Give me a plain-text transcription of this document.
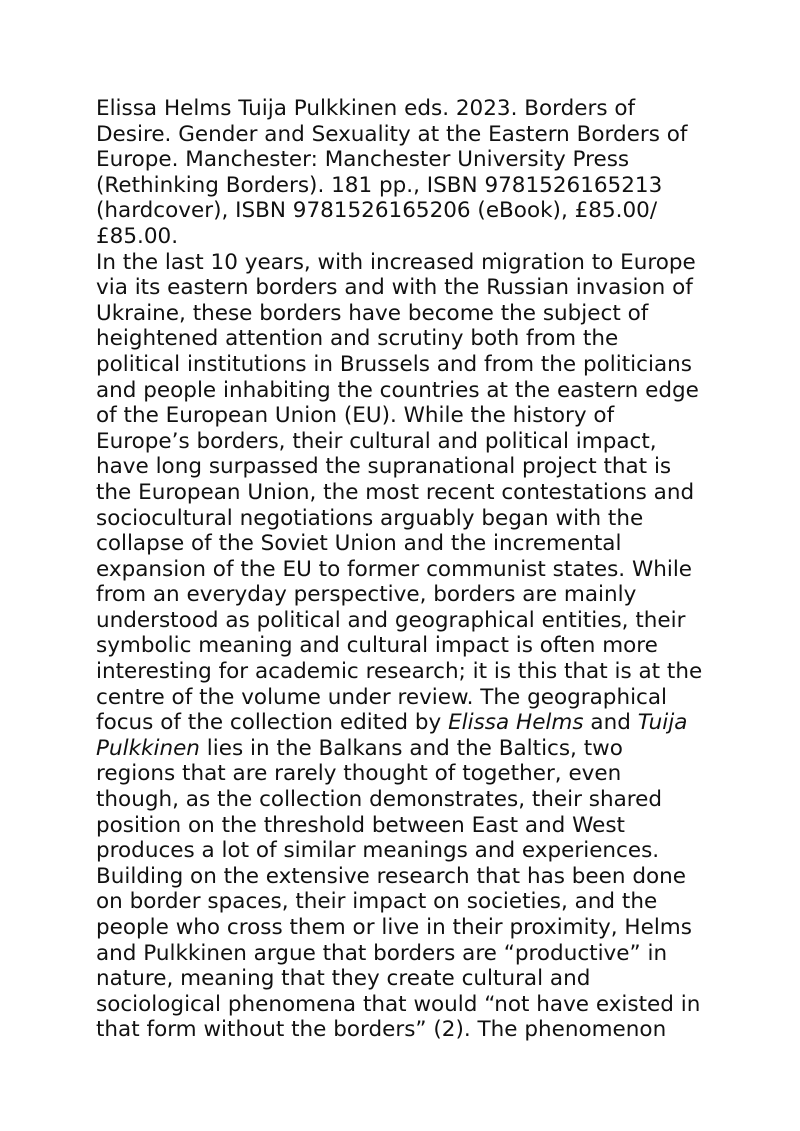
Elissa Helms Tuija Pulkkinen eds. 2023. Borders of Desire. Gender and Sexuality at the Eastern Borders of Europe. Manchester: Manchester University Press (Rethinking Borders). 181 pp., ISBN 9781526165213 (hardcover), ISBN 9781526165206 (eBook), £85.00/£85.00.

In the last 10 years, with increased migration to Europe via its eastern borders and with the Russian invasion of Ukraine, these borders have become the subject of heightened attention and scrutiny both from the political institutions in Brussels and from the politicians and people inhabiting the countries at the eastern edge of the European Union (EU). While the history of Europe’s borders, their cultural and political impact, have long surpassed the supranational project that is the European Union, the most recent contestations and sociocultural negotiations arguably began with the collapse of the Soviet Union and the incremental expansion of the EU to former communist states. While from an everyday perspective, borders are mainly understood as political and geographical entities, their symbolic meaning and cultural impact is often more interesting for academic research; it is this that is at the centre of the volume under review. The geographical focus of the collection edited by Elissa Helms and Tuija Pulkkinen lies in the Balkans and the Baltics, two regions that are rarely thought of together, even though, as the collection demonstrates, their shared position on the threshold between East and West produces a lot of similar meanings and experiences. Building on the extensive research that has been done on border spaces, their impact on societies, and the people who cross them or live in their proximity, Helms and Pulkkinen argue that borders are “productive” in nature, meaning that they create cultural and sociological phenomena that would “not have existed in that form without the borders” (2). The phenomenon
